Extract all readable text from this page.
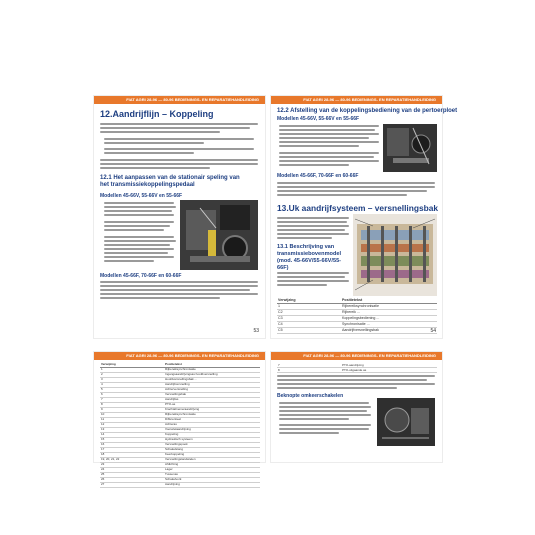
FIAT AGRI 28-96 — 80-96 BEDIENINGS- EN REPARATIEHANDLEIDING
12.Aandrijflijn – Koppeling
12.1 Het aanpassen van de stationair speling van het transmissiekoppelingspedaal
Modellen 45-66V, 55-66V en 55-66F
Modellen 45-66F, 70-66F en 60-66F
53
FIAT AGRI 28-96 — 80-96 BEDIENINGS- EN REPARATIEHANDLEIDING
12.2 Afstelling van de koppelingsbediening van de pertoerploet
Modellen 45-66V, 55-66V en 55-66F
Modellen 45-66F, 70-66F en 60-66F
13.Uk aandrijfsysteem – versnellingsbak
13.1 Beschrijving van transmissiebovenmodel (mod. 45-66V/55-66V/55-66F)
Verwijzing	Positietekst
1	Rijbereiksynchronisatie
C2	Rijbereik ...
C3	Koppelingsbediening ...
C4	Synchronisatie ...
C5	Aandrijfversnellingsbak	54
FIAT AGRI 28-96 — 80-96 BEDIENINGS- EN REPARATIEHANDLEIDING
Verwijzing	Positietekst
1	Rijbereiksynchronisatie
2	Ingangsaandrijvingsas hoofdversnelling
3	Hoofdversnellingsbak ...
4	Aandrijfversnelling
5	Achterversnelling
6	Versnellingsbak
7	Aandrijfas
8	PTO-as
9	Krachtafnemeraandrijving
10	Rijbereiksynchronisatie
11	Differentieel
12	Achteras
13	Voorwielaandrijving
14	Koppeling
15	Hydraulisch systeem
16	Versnellingspook
17	Schakelstang
18	Keerkoppeling
19, 20, 21, 22	Versnellingstandwielen
23	Afdichting
24	Lager
25	Tussenas
26	Schakelvork
27	Aandrijving
FIAT AGRI 28-96 — 80-96 BEDIENINGS- EN REPARATIEHANDLEIDING
7	PTO-aandrijving
8	PTO-uitgaande as
Beknopte omkeerschakelen
